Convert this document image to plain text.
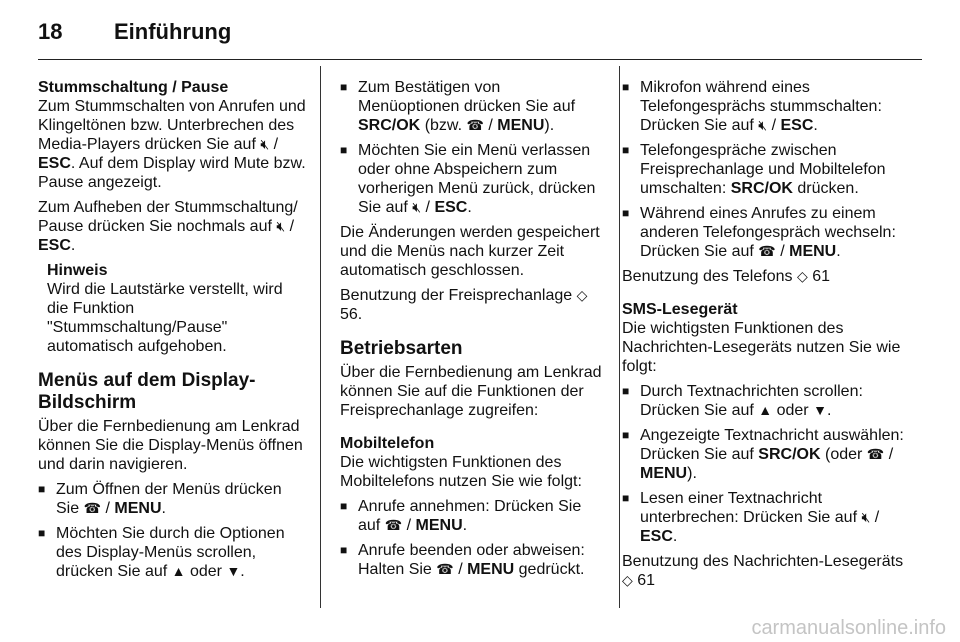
18 Einführung

Stummschaltung / Pause

Zum Stummschalten von Anrufen und Klingeltönen bzw. Unterbrechen des Media-Players drücken Sie auf 🔇︎ / ESC. Auf dem Display wird Mute bzw. Pause angezeigt.

Zum Aufheben der Stummschaltung/ Pause drücken Sie nochmals auf 🔇︎ / ESC.

Hinweis
Wird die Lautstärke verstellt, wird die Funktion "Stummschaltung/Pause" automatisch aufgehoben.
Menüs auf dem Display-Bildschirm

Über die Fernbedienung am Lenkrad können Sie die Display-Menüs öffnen und darin navigieren.

■ Zum Öffnen der Menüs drücken Sie ☎︎ / MENU.
■ Möchten Sie durch die Optionen des Display-Menüs scrollen, drücken Sie auf ▲ oder ▼.
■ Zum Bestätigen von Menüoptionen drücken Sie auf SRC/OK (bzw. ☎︎ / MENU).
■ Möchten Sie ein Menü verlassen oder ohne Abspeichern zum vorherigen Menü zurück, drücken Sie auf 🔇︎ / ESC.

Die Änderungen werden gespeichert und die Menüs nach kurzer Zeit automatisch geschlossen.

Benutzung der Freisprechanlage ◇ 56.

Betriebsarten

Über die Fernbedienung am Lenkrad können Sie auf die Funktionen der Freisprechanlage zugreifen:

Mobiltelefon

Die wichtigsten Funktionen des Mobiltelefons nutzen Sie wie folgt:

■ Anrufe annehmen: Drücken Sie auf ☎︎ / MENU.
■ Anrufe beenden oder abweisen: Halten Sie ☎︎ / MENU gedrückt.
■ Mikrofon während eines Telefongesprächs stummschalten: Drücken Sie auf 🔇︎ / ESC.
■ Telefongespräche zwischen Freisprechanlage und Mobiltelefon umschalten: SRC/OK drücken.
■ Während eines Anrufes zu einem anderen Telefongespräch wechseln: Drücken Sie auf ☎︎ / MENU.

Benutzung des Telefons ◇ 61

SMS-Lesegerät

Die wichtigsten Funktionen des Nachrichten-Lesegeräts nutzen Sie wie folgt:

■ Durch Textnachrichten scrollen: Drücken Sie auf ▲ oder ▼.
■ Angezeigte Textnachricht auswählen: Drücken Sie auf SRC/OK (oder ☎︎ / MENU).
■ Lesen einer Textnachricht unterbrechen: Drücken Sie auf 🔇︎ / ESC.

Benutzung des Nachrichten-Lesegeräts ◇ 61

carmanualsonline.info
